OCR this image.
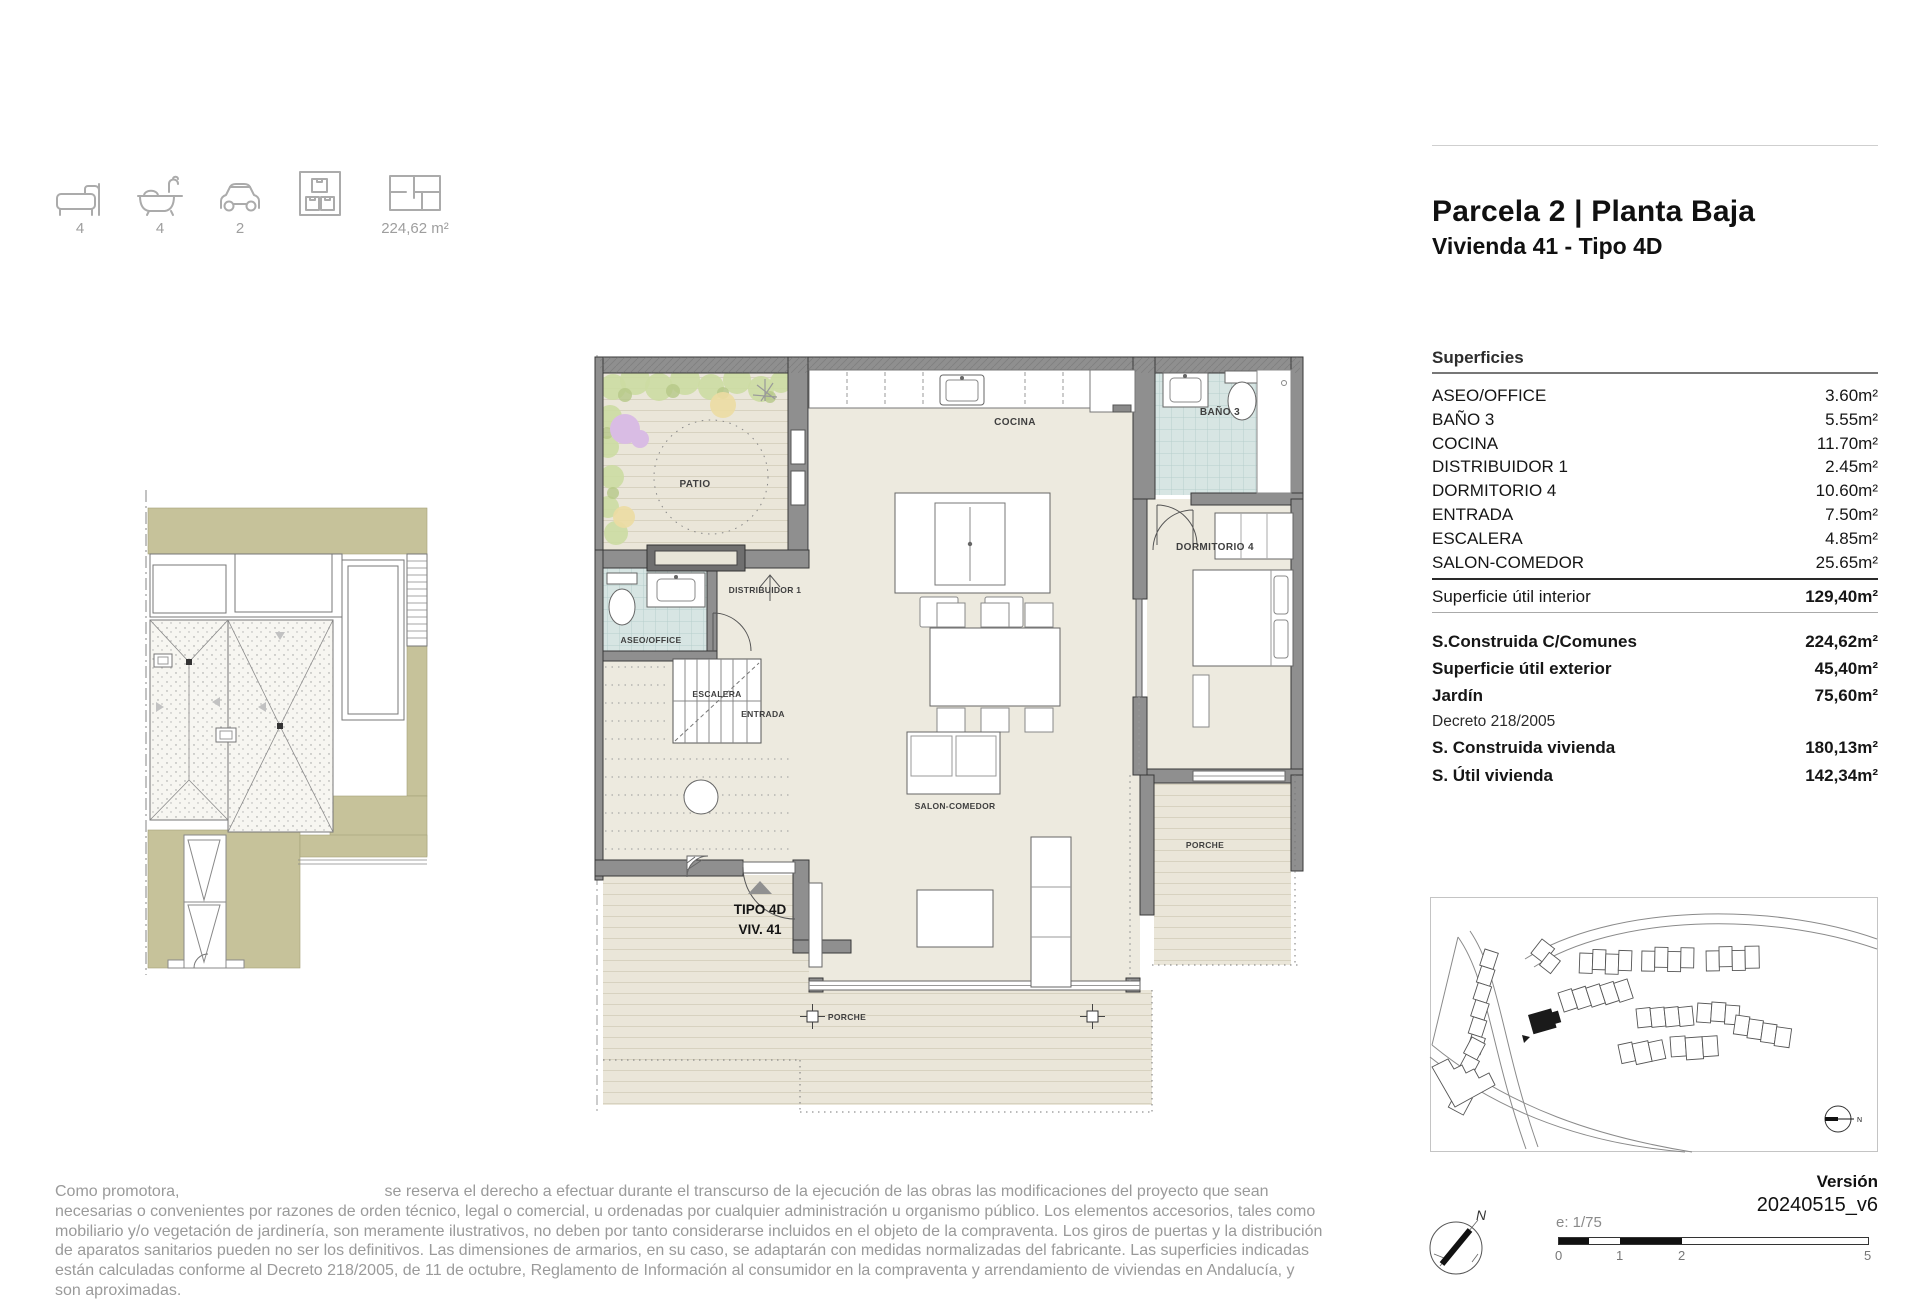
4	4	2	224,62 m²
PATIO
COCINA
BAÑO 3
ASEO/OFFICE
DISTRIBUIDOR 1
DORMITORIO 4
ESCALERA
ENTRADA
SALON-COMEDOR
PORCHE
PORCHE
TIPO 4D
VIV. 41
Parcela 2 | Planta Baja
Vivienda 41 - Tipo 4D
Superficies
ASEO/OFFICE	3.60m²
BAÑO 3	5.55m²
COCINA	11.70m²
DISTRIBUIDOR 1	2.45m²
DORMITORIO 4	10.60m²
ENTRADA	7.50m²
ESCALERA	4.85m²
SALON-COMEDOR	25.65m²
Superficie útil interior	129,40m²
S.Construida C/Comunes	224,62m²
Superficie útil exterior	45,40m²
Jardín	75,60m²
Decreto 218/2005
S. Construida vivienda	180,13m²
S. Útil vivienda	142,34m²
N
Como promotora,	se reserva el derecho a efectuar durante el transcurso de la ejecución de las obras las modificaciones del proyecto que sean
necesarias o convenientes por razones de orden técnico, legal o comercial, u ordenadas por cualquier administración u organismo público. Los elementos accesorios, tales como
mobiliario y/o vegetación de jardinería, son meramente ilustrativos, no deben por tanto considerarse incluidos en el objeto de la compraventa. Los giros de puertas y la distribución
de aparatos sanitarios pueden no ser los definitivos. Las dimensiones de armarios, en su caso, se adaptarán con medidas normalizadas del fabricante. Las superficies indicadas
están calculadas conforme al Decreto 218/2005, de 11 de octubre, Reglamento de Información al consumidor en la compraventa y arrendamiento de viviendas en Andalucía, y
son aproximadas.
Versión
20240515_v6
N	e: 1/75
0	1	2	5
